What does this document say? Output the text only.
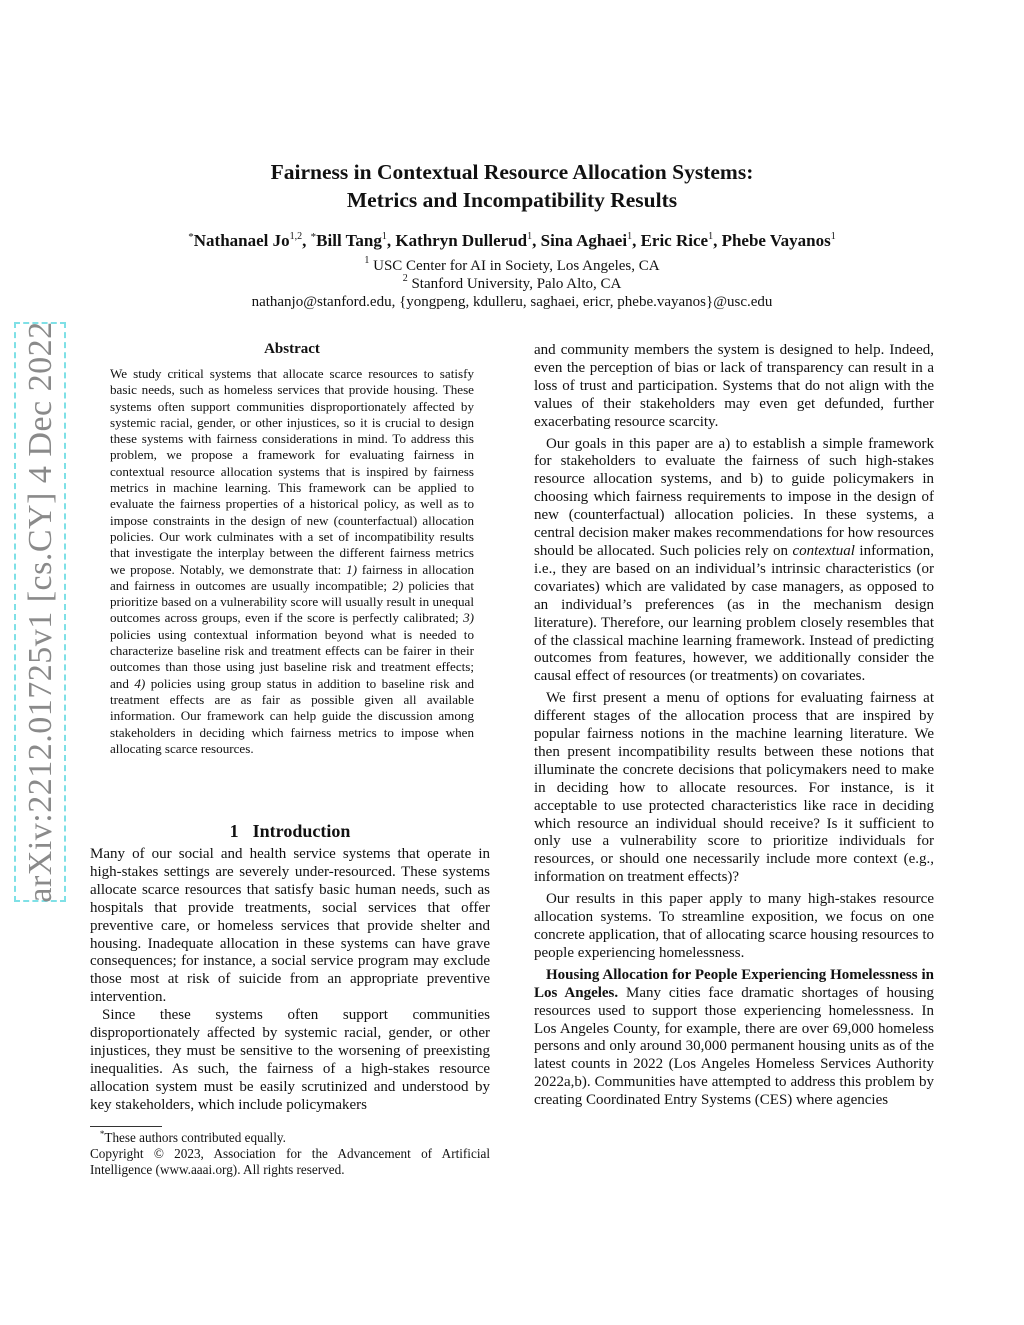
arXiv:2212.01725v1 [cs.CY] 4 Dec 2022
Fairness in Contextual Resource Allocation Systems:
Metrics and Incompatibility Results
*Nathanael Jo$^{1,2}$, *Bill Tang$^1$, Kathryn Dullerud$^1$, Sina Aghaei$^1$, Eric Rice$^1$, Phebe Vayanos$^1$
$^1$ USC Center for AI in Society, Los Angeles, CA
$^2$ Stanford University, Palo Alto, CA
nathanjo@stanford.edu, {yongpeng, kdulleru, saghaei, ericr, phebe.vayanos}@usc.edu
Abstract

We study critical systems that allocate scarce resources to satisfy basic needs, such as homeless services that provide housing. These systems often support communities disproportionately affected by systemic racial, gender, or other injustices, so it is crucial to design these systems with fairness considerations in mind. To address this problem, we propose a framework for evaluating fairness in contextual resource allocation systems that is inspired by fairness metrics in machine learning. This framework can be applied to evaluate the fairness properties of a historical policy, as well as to impose constraints in the design of new (counterfactual) allocation policies. Our work culminates with a set of incompatibility results that investigate the interplay between the different fairness metrics we propose. Notably, we demonstrate that: 1) fairness in allocation and fairness in outcomes are usually incompatible; 2) policies that prioritize based on a vulnerability score will usually result in unequal outcomes across groups, even if the score is perfectly calibrated; 3) policies using contextual information beyond what is needed to characterize baseline risk and treatment effects can be fairer in their outcomes than those using just baseline risk and treatment effects; and 4) policies using group status in addition to baseline risk and treatment effects are as fair as possible given all available information. Our framework can help guide the discussion among stakeholders in deciding which fairness metrics to impose when allocating scarce resources.

1 Introduction

Many of our social and health service systems that operate in high-stakes settings are severely under-resourced. These systems allocate scarce resources that satisfy basic human needs, such as hospitals that provide treatments, social services that offer preventive care, or homeless services that provide shelter and housing. Inadequate allocation in these systems can have grave consequences; for instance, a social service program may exclude those most at risk of suicide from an appropriate preventive intervention.

Since these systems often support communities disproportionately affected by systemic racial, gender, or other injustices, they must be sensitive to the worsening of preexisting inequalities. As such, the fairness of a high-stakes resource allocation system must be easily scrutinized and understood by key stakeholders, which include policymakers

*These authors contributed equally.
Copyright © 2023, Association for the Advancement of Artificial Intelligence (www.aaai.org). All rights reserved.

and community members the system is designed to help. Indeed, even the perception of bias or lack of transparency can result in a loss of trust and participation. Systems that do not align with the values of their stakeholders may even get defunded, further exacerbating resource scarcity.

Our goals in this paper are a) to establish a simple framework for stakeholders to evaluate the fairness of such high-stakes resource allocation systems, and b) to guide policymakers in choosing which fairness requirements to impose in the design of new (counterfactual) allocation policies. In these systems, a central decision maker makes recommendations for how resources should be allocated. Such policies rely on contextual information, i.e., they are based on an individual’s intrinsic characteristics (or covariates) which are validated by case managers, as opposed to an individual’s preferences (as in the mechanism design literature). Therefore, our learning problem closely resembles that of the classical machine learning framework. Instead of predicting outcomes from features, however, we additionally consider the causal effect of resources (or treatments) on covariates.

We first present a menu of options for evaluating fairness at different stages of the allocation process that are inspired by popular fairness notions in the machine learning literature. We then present incompatibility results between these notions that illuminate the concrete decisions that policymakers need to make in deciding how to allocate resources. For instance, is it acceptable to use protected characteristics like race in deciding which resource an individual should receive? Is it sufficient to only use a vulnerability score to prioritize individuals for resources, or should one necessarily include more context (e.g., information on treatment effects)?

Our results in this paper apply to many high-stakes resource allocation systems. To streamline exposition, we focus on one concrete application, that of allocating scarce housing resources to people experiencing homelessness.

Housing Allocation for People Experiencing Homelessness in Los Angeles. Many cities face dramatic shortages of housing resources used to support those experiencing homelessness. In Los Angeles County, for example, there are over 69,000 homeless persons and only around 30,000 permanent housing units as of the latest counts in 2022 (Los Angeles Homeless Services Authority 2022a,b). Communities have attempted to address this problem by creating Coordinated Entry Systems (CES) where agencies
